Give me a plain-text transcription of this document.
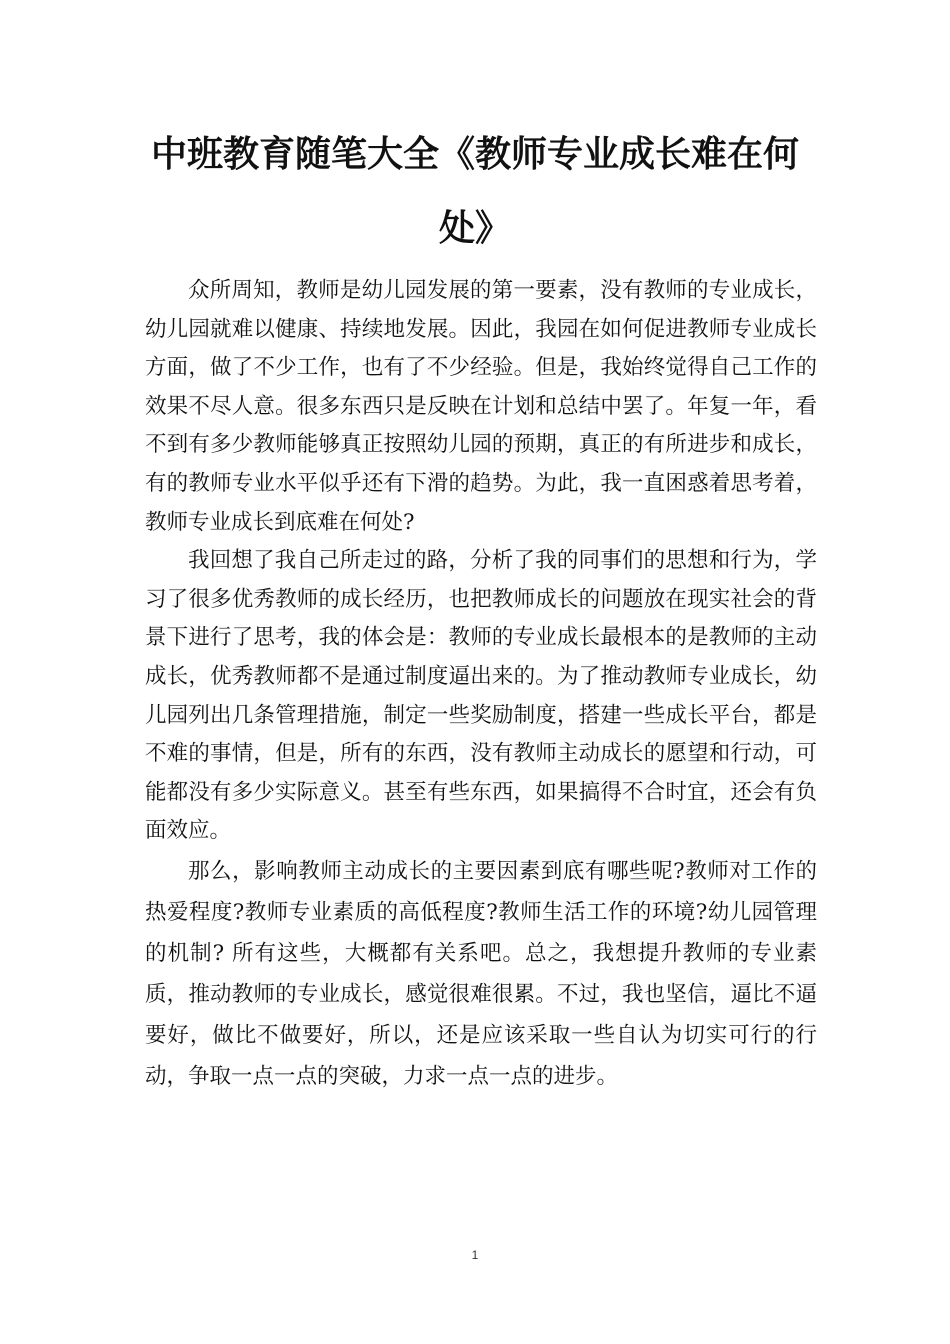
中班教育随笔大全《教师专业成长难在何处》

众所周知，教师是幼儿园发展的第一要素，没有教师的专业成长，幼儿园就难以健康、持续地发展。因此，我园在如何促进教师专业成长方面，做了不少工作，也有了不少经验。但是，我始终觉得自己工作的效果不尽人意。很多东西只是反映在计划和总结中罢了。年复一年，看不到有多少教师能够真正按照幼儿园的预期，真正的有所进步和成长，有的教师专业水平似乎还有下滑的趋势。为此，我一直困惑着思考着，教师专业成长到底难在何处?

我回想了我自己所走过的路，分析了我的同事们的思想和行为，学习了很多优秀教师的成长经历，也把教师成长的问题放在现实社会的背景下进行了思考，我的体会是：教师的专业成长最根本的是教师的主动成长，优秀教师都不是通过制度逼出来的。为了推动教师专业成长，幼儿园列出几条管理措施，制定一些奖励制度，搭建一些成长平台，都是不难的事情，但是，所有的东西，没有教师主动成长的愿望和行动，可能都没有多少实际意义。甚至有些东西，如果搞得不合时宜，还会有负面效应。

那么，影响教师主动成长的主要因素到底有哪些呢?教师对工作的热爱程度?教师专业素质的高低程度?教师生活工作的环境?幼儿园管理的机制? 所有这些，大概都有关系吧。总之，我想提升教师的专业素质，推动教师的专业成长，感觉很难很累。不过，我也坚信，逼比不逼要好，做比不做要好，所以，还是应该采取一些自认为切实可行的行动，争取一点一点的突破，力求一点一点的进步。

1
